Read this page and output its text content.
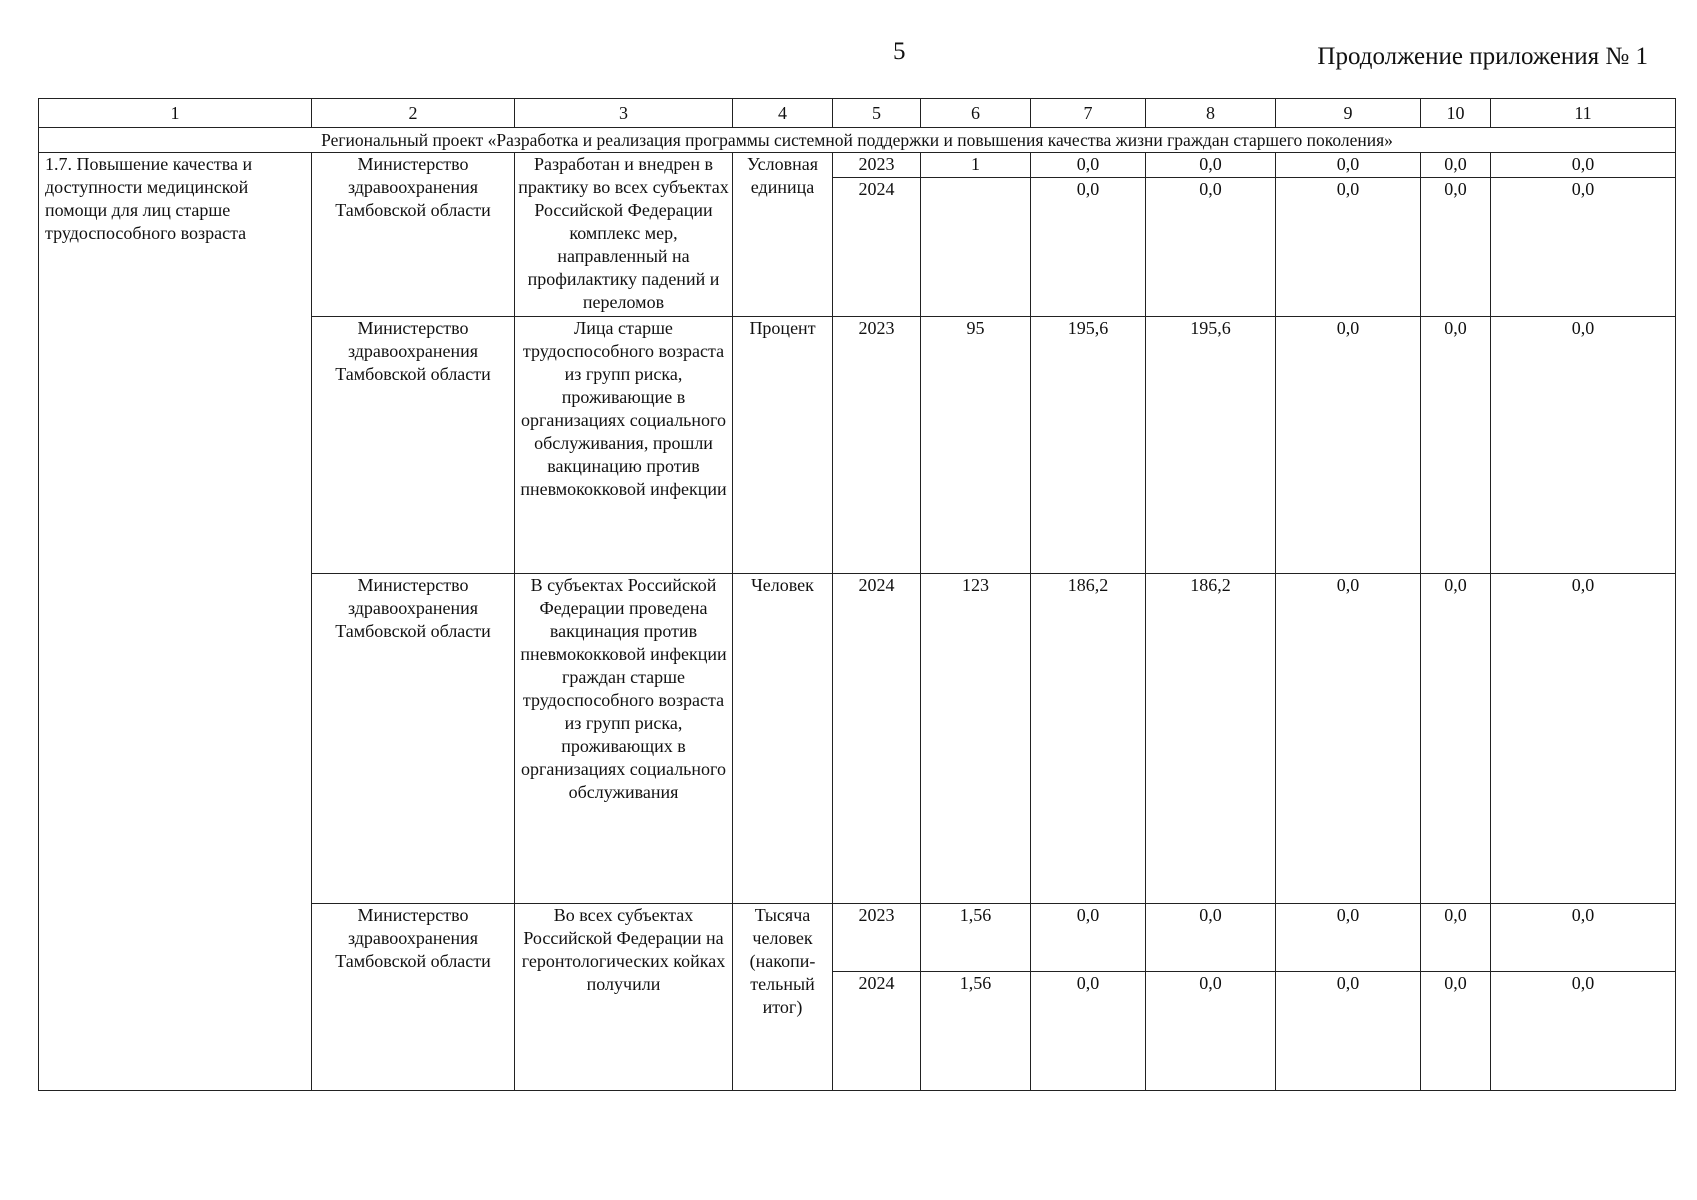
5	Продолжение приложения № 1
1	2	3	4	5	6	7	8	9	10	11
Региональный проект «Разработка и реализация программы системной поддержки и повышения качества жизни граждан старшего поколения»										
1.7. Повышение качества и доступности медицинской помощи для лиц старше трудоспособного возраста	Министерство здравоохранения Тамбовской области	Разработан и внедрен в практику во всех субъектах Российской Федерации комплекс мер, направленный на профилактику падений и переломов	Условная единица	2023	1	0,0	0,0	0,0	0,0	0,0
				2024		0,0	0,0	0,0	0,0	0,0
	Министерство здравоохранения Тамбовской области	Лица старше трудоспособного возраста из групп риска, проживающие в организациях социального обслуживания, прошли вакцинацию против пневмококковой инфекции	Процент	2023	95	195,6	195,6	0,0	0,0	0,0
	Министерство здравоохранения Тамбовской области	В субъектах Российской Федерации проведена вакцинация против пневмококковой инфекции граждан старше трудоспособного возраста из групп риска, проживающих в организациях социального обслуживания	Человек	2024	123	186,2	186,2	0,0	0,0	0,0
	Министерство здравоохранения Тамбовской области	Во всех субъектах Российской Федерации на геронтологических койках получили	Тысяча человек (накопи-тельный итог)	2023	1,56	0,0	0,0	0,0	0,0	0,0
				2024	1,56	0,0	0,0	0,0	0,0	0,0
